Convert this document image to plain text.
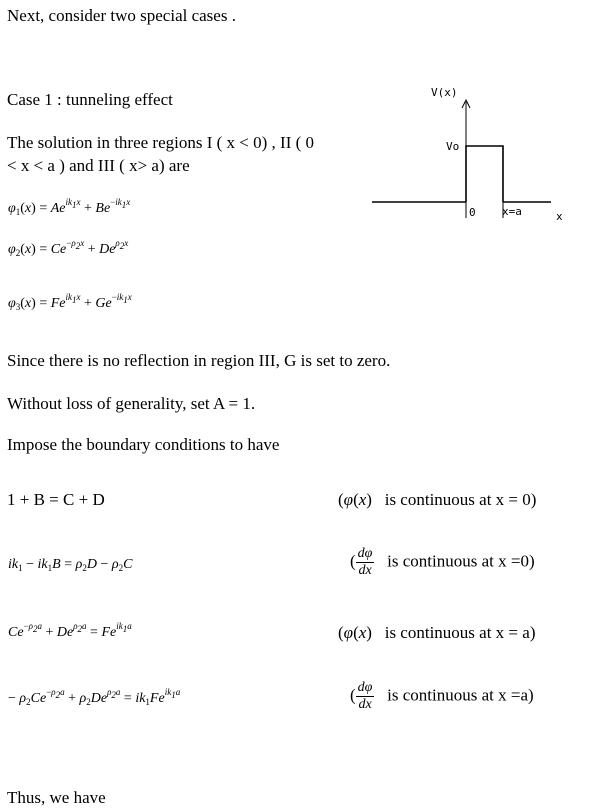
Next, consider two special cases .
Case 1 : tunneling effect
The solution in three regions I ( x < 0) , II ( 0
< x < a ) and III ( x> a) are
V(x)
Vo
0 x=a	x
$\varphi_1(x) = Ae^{ik_1x} + Be^{-ik_1x}$
$\varphi_2(x) = Ce^{-\rho_2x} + De^{\rho_2x}$
$\varphi_3(x) = Fe^{ik_1x} + Ge^{-ik_1x}$
Since there is no reflection in region III, G is set to zero.
Without loss of generality, set A = 1.
Impose the boundary conditions to have
1 + B = C + D	(φ(x)   is continuous at x = 0)
$ik_1 - ik_1B = \rho_2D - \rho_2C$	( $\frac{d\varphi}{dx}$ is continuous at x =0)
$Ce^{-\rho_2a} + De^{\rho_2a} = Fe^{ik_1a}$	(φ(x)   is continuous at x = a)
− $\rho_2Ce^{-\rho_2a} + \rho_2De^{\rho_2a} = ik_1Fe^{ik_1a}$	( $\frac{d\varphi}{dx}$ is continuous at x =a)
Thus, we have
